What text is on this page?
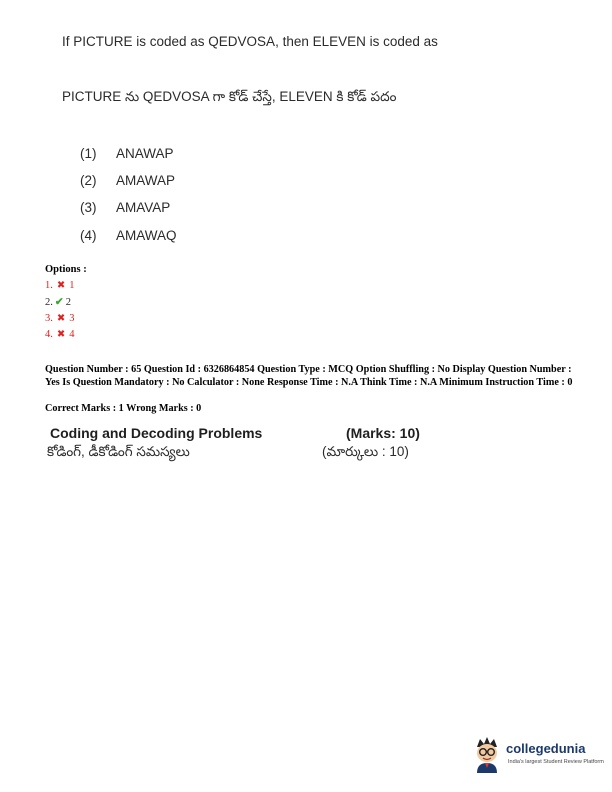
If PICTURE is coded as QEDVOSA, then ELEVEN is coded as
PICTURE ను QEDVOSA గా కోడ్ చేస్తే, ELEVEN కి కోడ్ పదం
(1) ANAWAP
(2) AMAWAP
(3) AMAVAP
(4) AMAWAQ
Options :
1. ✖ 1
2. ✔ 2
3. ✖ 3
4. ✖ 4
Question Number : 65 Question Id : 6326864854 Question Type : MCQ Option Shuffling : No Display Question Number : Yes Is Question Mandatory : No Calculator : None Response Time : N.A Think Time : N.A Minimum Instruction Time : 0
Correct Marks : 1 Wrong Marks : 0
Coding and Decoding Problems	(Marks: 10)
కోడింగ్, డీకోడింగ్ సమస్యలు	(మార్కులు : 10)
collegedunia
India's largest Student Review Platform
